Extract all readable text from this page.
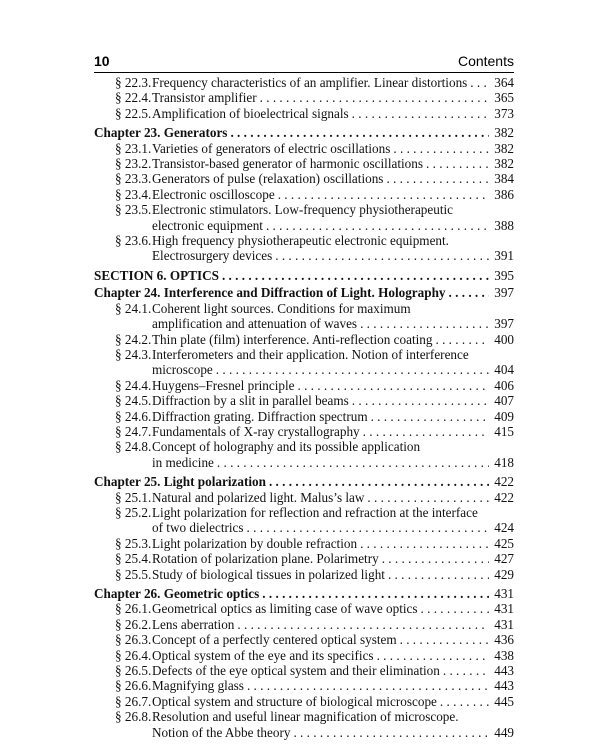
10	Contents
§ 22.3. Frequency characteristics of an amplifier. Linear distortions . . . 364
§ 22.4. Transistor amplifier . . .	365
§ 22.5. Amplification of bioelectrical signals . . .	373
Chapter 23. Generators . . .	382
§ 23.1. Varieties of generators of electric oscillations . . .	382
§ 23.2. Transistor-based generator of harmonic oscillations . . .	382
§ 23.3. Generators of pulse (relaxation) oscillations . . .	384
§ 23.4. Electronic oscilloscope . . .	386
§ 23.5. Electronic stimulators. Low-frequency physiotherapeutic
electronic equipment . . .	388
§ 23.6. High frequency physiotherapeutic electronic equipment.
Electrosurgery devices . . .	391
SECTION 6. OPTICS . . .	395
Chapter 24. Interference and Diffraction of Light. Holography . . .	397
§ 24.1. Coherent light sources. Conditions for maximum
amplification and attenuation of waves . . .	397
§ 24.2. Thin plate (film) interference. Anti-reflection coating . . .	400
§ 24.3. Interferometers and their application. Notion of interference
microscope . . .	404
§ 24.4. Huygens–Fresnel principle . . .	406
§ 24.5. Diffraction by a slit in parallel beams . . .	407
§ 24.6. Diffraction grating. Diffraction spectrum . . .	409
§ 24.7. Fundamentals of X-ray crystallography . . .	415
§ 24.8. Concept of holography and its possible application
in medicine . . .	418
Chapter 25. Light polarization . . .	422
§ 25.1. Natural and polarized light. Malus’s law . . .	422
§ 25.2. Light polarization for reflection and refraction at the interface
of two dielectrics . . .	424
§ 25.3. Light polarization by double refraction . . .	425
§ 25.4. Rotation of polarization plane. Polarimetry . . .	427
§ 25.5. Study of biological tissues in polarized light . . .	429
Chapter 26. Geometric optics . . .	431
§ 26.1. Geometrical optics as limiting case of wave optics . . .	431
§ 26.2. Lens aberration . . .	431
§ 26.3. Concept of a perfectly centered optical system . . .	436
§ 26.4. Optical system of the eye and its specifics . . .	438
§ 26.5. Defects of the eye optical system and their elimination . . .	443
§ 26.6. Magnifying glass . . .	443
§ 26.7. Optical system and structure of biological microscope . . .	445
§ 26.8. Resolution and useful linear magnification of microscope.
Notion of the Abbe theory . . .	449
